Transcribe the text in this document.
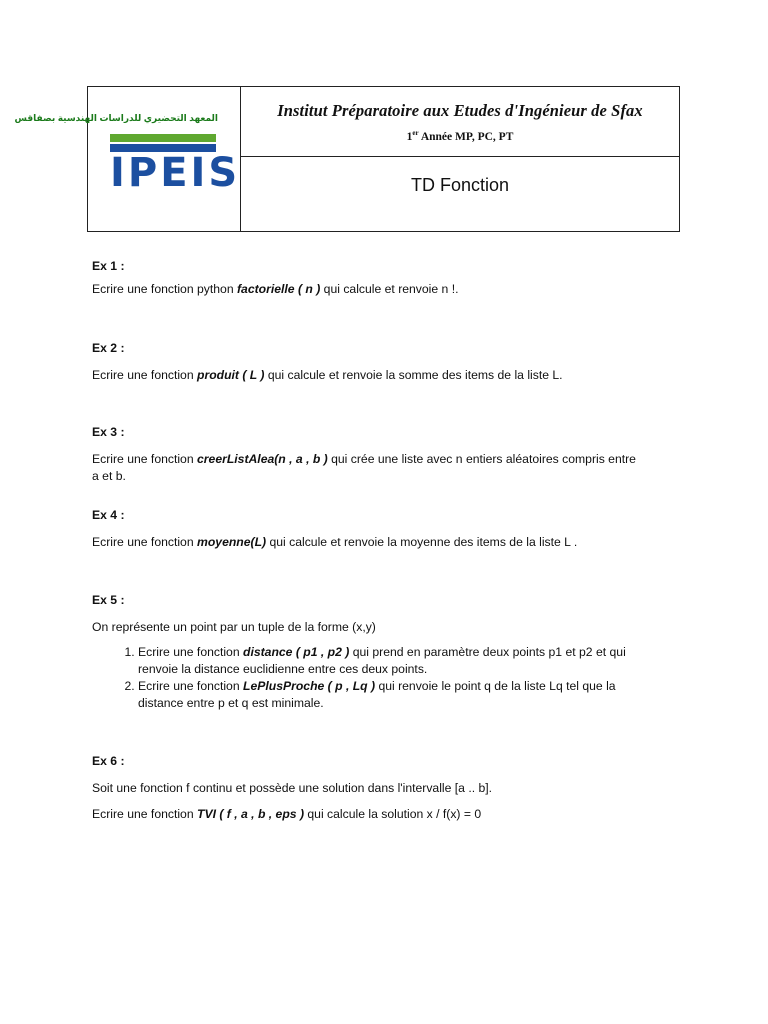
المعهد التحضيري للدراسات الهندسية بصفاقس
IPEIS
Institut Préparatoire aux Etudes d'Ingénieur de Sfax
1er Année MP, PC, PT
TD Fonction

Ex 1 :

Ecrire une fonction python factorielle ( n ) qui calcule et renvoie n !.

Ex 2 :

Ecrire une fonction produit ( L ) qui calcule et renvoie la somme des items de la liste L.

Ex 3 :

Ecrire une fonction creerListAlea(n , a , b ) qui crée une liste avec n entiers aléatoires compris entre

a et b.

Ex 4 :

Ecrire une fonction moyenne(L) qui calcule et renvoie la moyenne des items de la liste L .

Ex 5 :

On représente un point par un tuple de la forme (x,y)

1. Ecrire une fonction distance ( p1 , p2 ) qui prend en paramètre deux points p1 et p2 et qui
renvoie la distance euclidienne entre ces deux points.
2. Ecrire une fonction LePlusProche ( p , Lq ) qui renvoie le point q de la liste Lq tel que la
distance entre p et q est minimale.

Ex 6 :

Soit une fonction f continu et possède une solution dans l'intervalle [a .. b].

Ecrire une fonction TVI ( f , a , b , eps ) qui calcule la solution x / f(x) = 0
